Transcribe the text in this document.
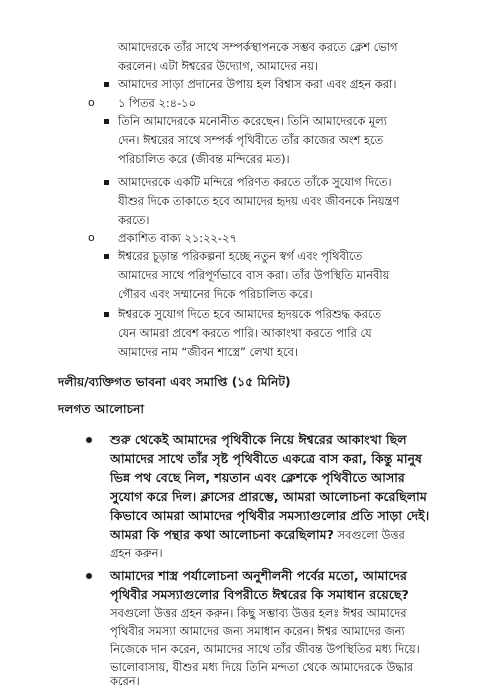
আমাদেরকে তাঁর সাথে সম্পর্কস্থাপনকে সম্ভব করতে ক্লেশ ভোগ

করলেন। এটা ঈশ্বরের উদ্যোগ, আমাদের নয়।

আমাদের সাড়া প্রদানের উপায় হল বিশ্বাস করা এবং গ্রহন করা।

o ১ পিতর ২:৪-১০

তিনি আমাদেরকে মনোনীত করেছেন। তিনি আমাদেরকে মূল্য

দেন। ঈশ্বরের সাথে সম্পর্ক পৃথিবীতে তাঁর কাজের অংশ হতে

পরিচালিত করে (জীবন্ত মন্দিরের মত)।

আমাদেরকে একটি মন্দিরে পরিণত করতে তাঁকে সুযোগ দিতে।

যীশুর দিকে তাকাতে হবে আমাদের হৃদয় এবং জীবনকে নিয়ন্ত্রণ

করতে।

o প্রকাশিত বাক্য ২১:২২-২৭

ঈশ্বরের চূড়ান্ত পরিকল্পনা হচ্ছে নতুন স্বর্গ এবং পৃথিবীতে

আমাদের সাথে পরিপূর্ণভাবে বাস করা। তাঁর উপস্থিতি মানবীয়

গৌরব এবং সম্মানের দিকে পরিচালিত করে।

ঈশ্বরকে সুযোগ দিতে হবে আমাদের হৃদয়কে পরিশুদ্ধ করতে

যেন আমরা প্রবেশ করতে পারি। আকাংখা করতে পারি যে

আমাদের নাম “জীবন শাস্ত্রে” লেখা হবে।

দলীয়/ব্যক্তিগত ভাবনা এবং সমাপ্তি (১৫ মিনিট)
দলগত আলোচনা
শুরু থেকেই আমাদের পৃথিবীকে নিয়ে ঈশ্বরের আকাংখা ছিল
আমাদের সাথে তাঁর সৃষ্ট পৃথিবীতে একত্রে বাস করা, কিন্তু মানুষ
ভিন্ন পথ বেছে নিল, শয়তান এবং ক্লেশকে পৃথিবীতে আসার
সুযোগ করে দিল। ক্লাসের প্রারম্ভে, আমরা আলোচনা করেছিলাম
কিভাবে আমরা আমাদের পৃথিবীর সমস্যাগুলোর প্রতি সাড়া দেই।
আমরা কি পন্থার কথা আলোচনা করেছিলাম? সবগুলো উত্তর
গ্রহন করুন।
আমাদের শাস্ত্র পর্যালোচনা অনুশীলনী পর্বের মতো, আমাদের
পৃথিবীর সমস্যাগুলোর বিপরীতে ঈশ্বরের কি সমাধান রয়েছে?
সবগুলো উত্তর গ্রহন করুন। কিছু সম্ভাব্য উত্তর হলঃ ঈশ্বর আমাদের
পৃথিবীর সমস্যা আমাদের জন্য সমাধান করেন। ঈশ্বর আমাদের জন্য
নিজেকে দান করেন, আমাদের সাথে তাঁর জীবন্ত উপস্থিতির মধ্য দিয়ে।
ভালোবাসায়, যীশুর মধ্য দিয়ে তিনি মন্দতা থেকে আমাদেরকে উদ্ধার
করেন।
